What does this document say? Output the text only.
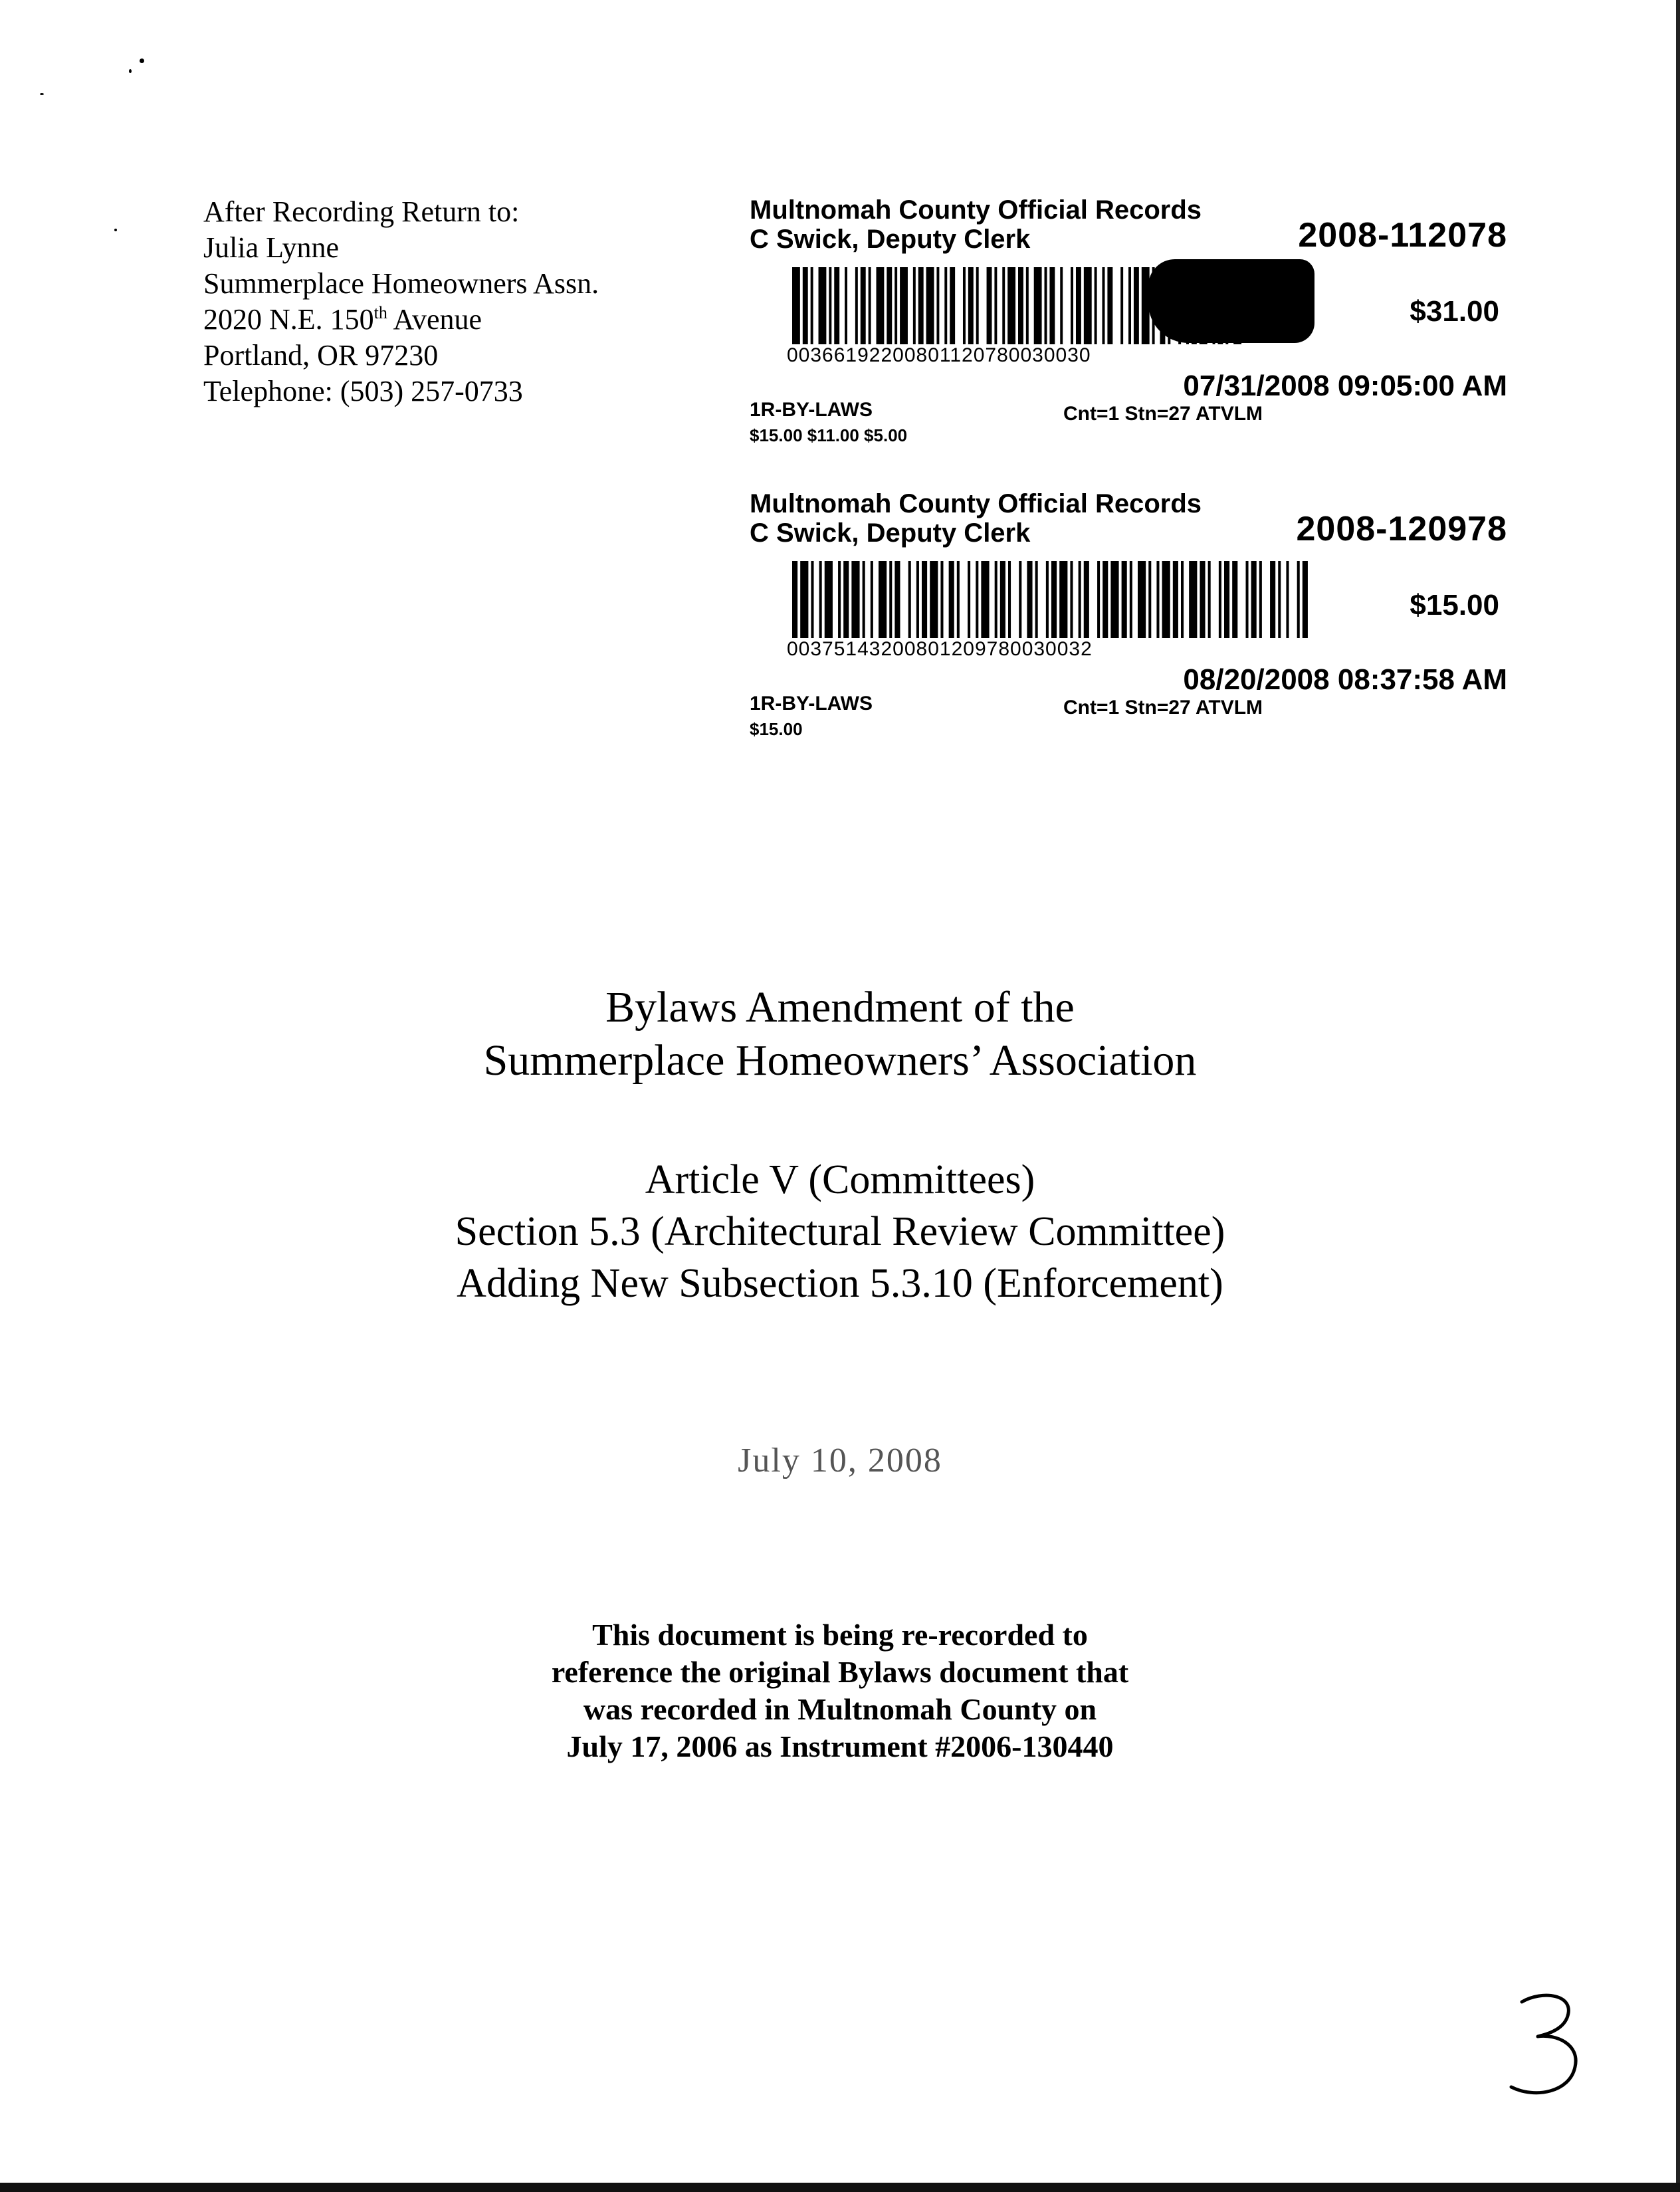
After Recording Return to:
Julia Lynne
Summerplace Homeowners Assn.
2020 N.E. 150th Avenue
Portland, OR 97230
Telephone: (503) 257-0733
Multnomah County Official Records
C Swick, Deputy Clerk	2008-112078
$31.00
00366192200801120780030030
07/31/2008 09:05:00 AM
1R-BY-LAWS
$15.00 $11.00 $5.00
Cnt=1 Stn=27 ATVLM
Multnomah County Official Records
C Swick, Deputy Clerk	2008-120978
$15.00
00375143200801209780030032
08/20/2008 08:37:58 AM
1R-BY-LAWS
$15.00
Cnt=1 Stn=27 ATVLM
Bylaws Amendment of the
Summerplace Homeowners’ Association
Article V (Committees)
Section 5.3 (Architectural Review Committee)
Adding New Subsection 5.3.10 (Enforcement)
July 10, 2008
This document is being re-recorded to
reference the original Bylaws document that
was recorded in Multnomah County on
July 17, 2006 as Instrument #2006-130440
